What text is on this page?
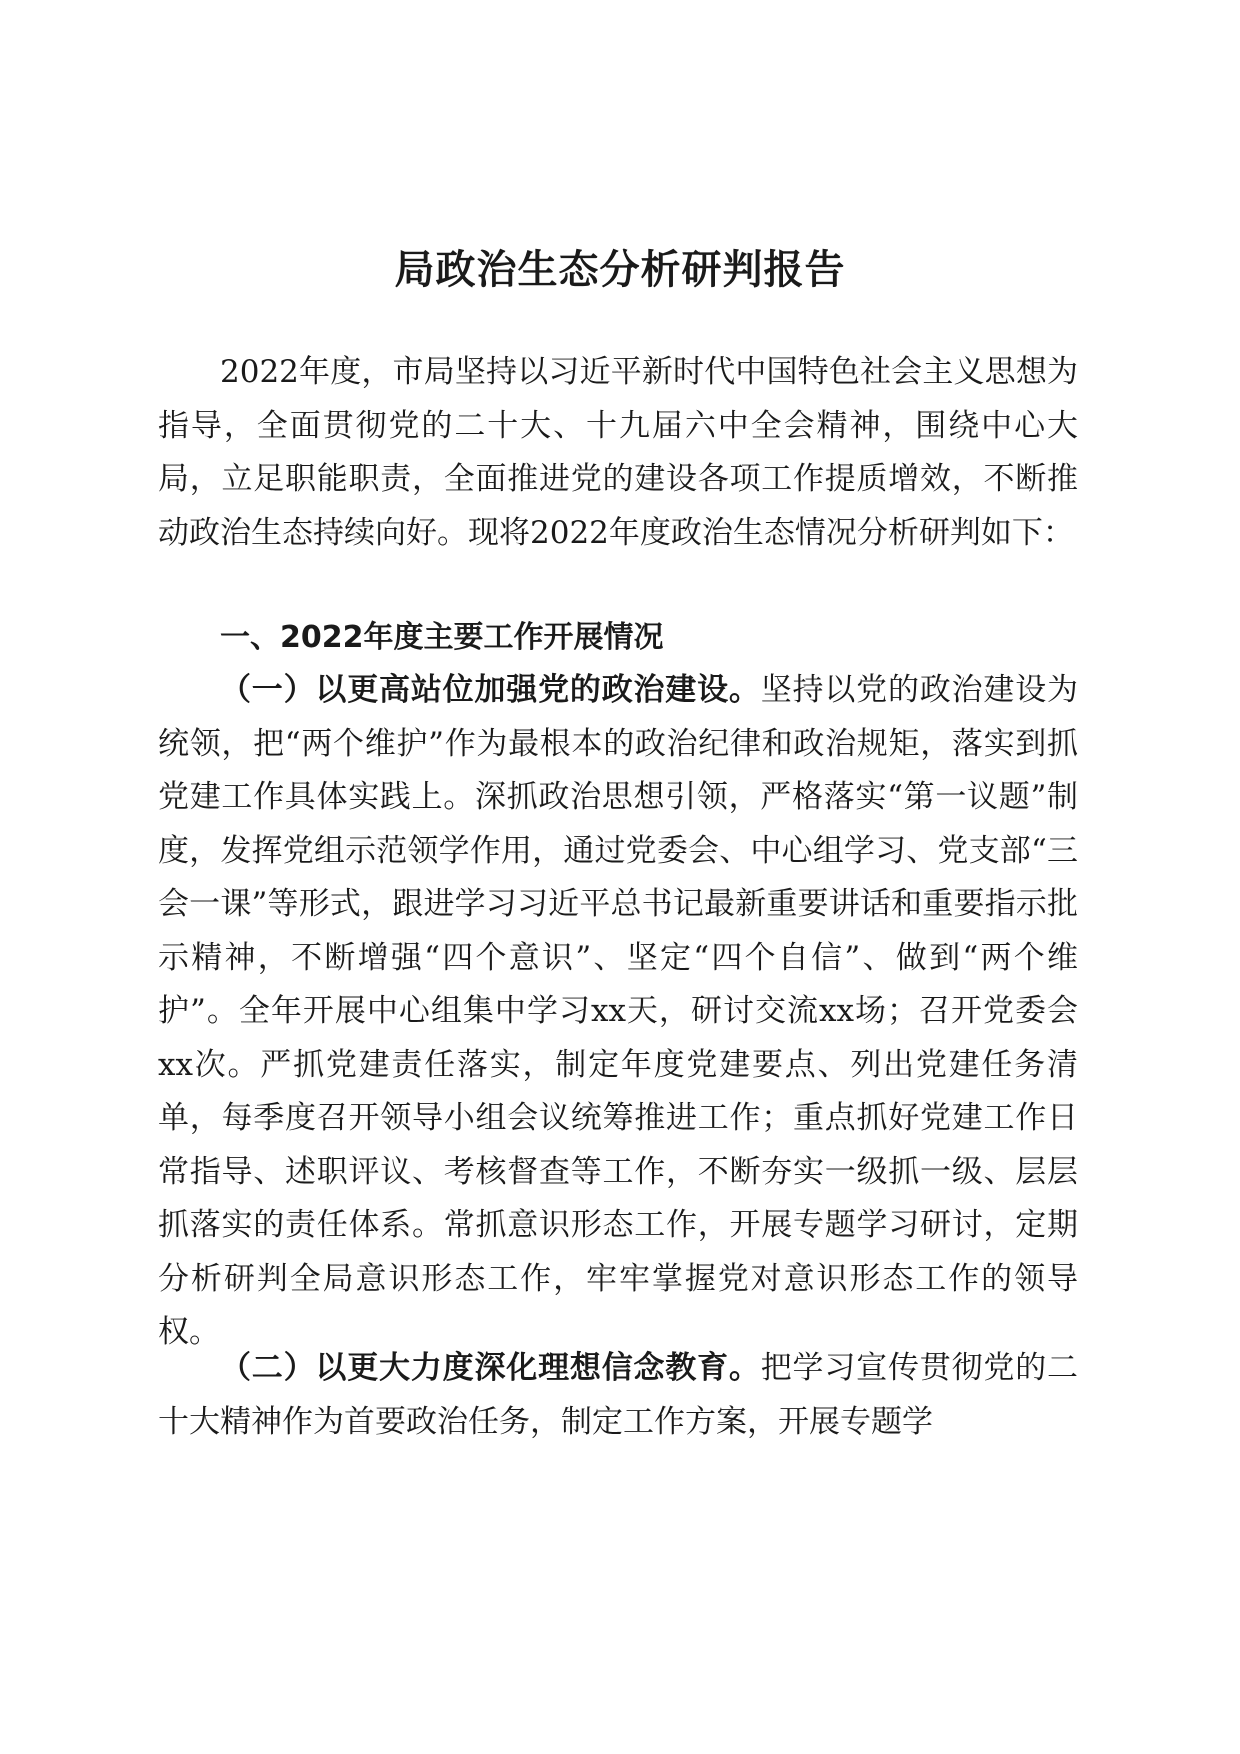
局政治生态分析研判报告

2022年度，市局坚持以习近平新时代中国特色社会主义思想为指导，全面贯彻党的二十大、十九届六中全会精神，围绕中心大局，立足职能职责，全面推进党的建设各项工作提质增效，不断推动政治生态持续向好。现将2022年度政治生态情况分析研判如下：

一、2022年度主要工作开展情况

（一）以更高站位加强党的政治建设。坚持以党的政治建设为统领，把“两个维护”作为最根本的政治纪律和政治规矩，落实到抓党建工作具体实践上。深抓政治思想引领，严格落实“第一议题”制度，发挥党组示范领学作用，通过党委会、中心组学习、党支部“三会一课”等形式，跟进学习习近平总书记最新重要讲话和重要指示批示精神，不断增强“四个意识”、坚定“四个自信”、做到“两个维护”。全年开展中心组集中学习xx天，研讨交流xx场；召开党委会xx次。严抓党建责任落实，制定年度党建要点、列出党建任务清单，每季度召开领导小组会议统筹推进工作；重点抓好党建工作日常指导、述职评议、考核督查等工作，不断夯实一级抓一级、层层抓落实的责任体系。常抓意识形态工作，开展专题学习研讨，定期分析研判全局意识形态工作，牢牢掌握党对意识形态工作的领导权。

（二）以更大力度深化理想信念教育。把学习宣传贯彻党的二十大精神作为首要政治任务，制定工作方案，开展专题学
